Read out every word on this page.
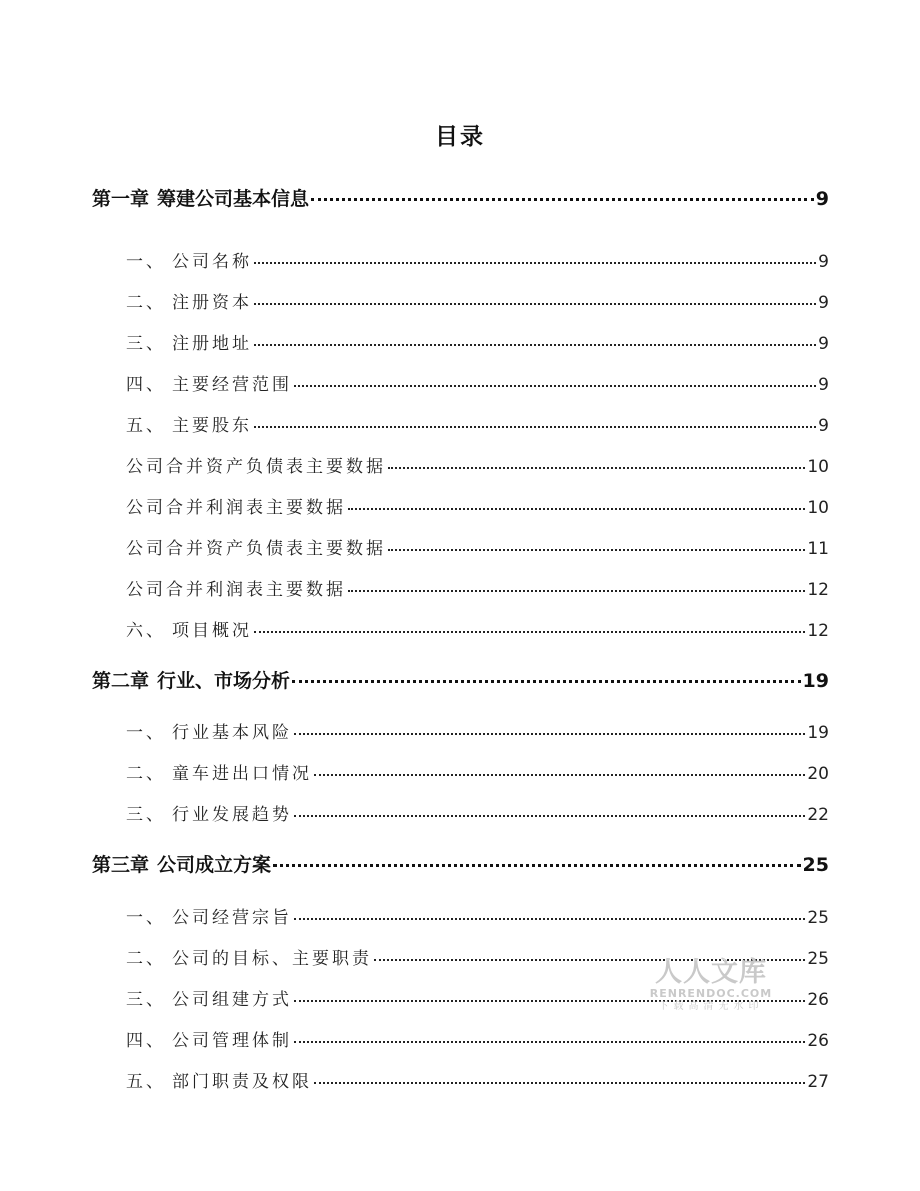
目录
第一章 筹建公司基本信息	9
一、 公司名称	9
二、 注册资本	9
三、 注册地址	9
四、 主要经营范围	9
五、 主要股东	9
公司合并资产负债表主要数据	10
公司合并利润表主要数据	10
公司合并资产负债表主要数据	11
公司合并利润表主要数据	12
六、 项目概况	12
第二章 行业、市场分析	19
一、 行业基本风险	19
二、 童车进出口情况	20
三、 行业发展趋势	22
第三章 公司成立方案	25
一、 公司经营宗旨	25
二、 公司的目标、主要职责	25
三、 公司组建方式	26
四、 公司管理体制	26
五、 部门职责及权限	27
人人文库
RENRENDOC.COM
下载高清无水印
